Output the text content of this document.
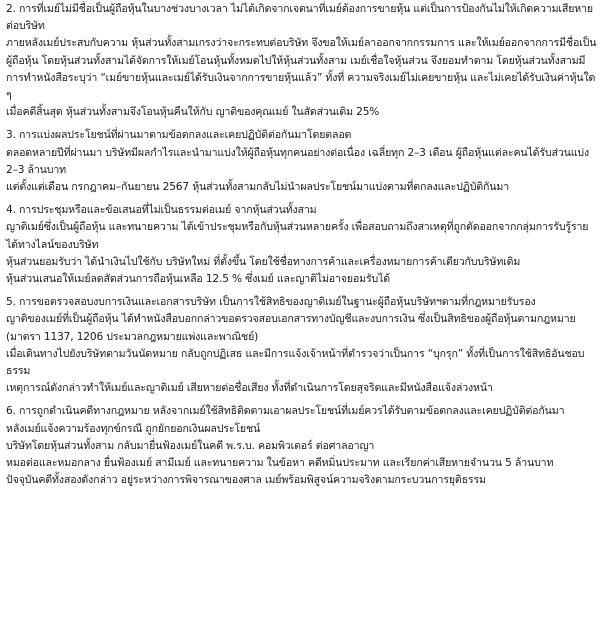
2. การที่เมย์ไม่มีชื่อเป็นผู้ถือหุ้นในบางช่วงบางเวลา ไม่ได้เกิดจากเจตนาที่เมย์ต้องการขายหุ้น แต่เป็นการป้องกันไม่ให้เกิดความเสียหายต่อบริษัท

ภายหลังเมย์ประสบกับความ หุ้นส่วนทั้งสามเกรงว่าจะกระทบต่อบริษัท จึงขอให้เมย์ลาออกจากกรรมการ และให้เมย์ออกจากการมีชื่อเป็นผู้ถือหุ้น โดยหุ้นส่วนทั้งสามได้จัดการให้เมย์โอนหุ้นทั้งหมดไปให้หุ้นส่วนทั้งสาม เมย์เชื่อใจหุ้นส่วน จึงยอมทำตาม โดยหุ้นส่วนทั้งสามมีการทำหนังสือระบุว่า “เมย์ขายหุ้นและเมย์ได้รับเงินจากการขายหุ้นแล้ว” ทั้งที่ ความจริงเมย์ไม่เคยขายหุ้น และไม่เคยได้รับเงินค่าหุ้นใด ๆ

เมื่อคดีสิ้นสุด หุ้นส่วนทั้งสามจึงโอนหุ้นคืนให้กับ ญาติของคุณเมย์ ในสัดส่วนเดิม 25%

3. การแบ่งผลประโยชน์ที่ผ่านมาตามข้อตกลงและเคยปฏิบัติต่อกันมาโดยตลอด

ตลอดหลายปีที่ผ่านมา บริษัทมีผลกำไรและนำมาแบ่งให้ผู้ถือหุ้นทุกคนอย่างต่อเนื่อง เฉลี่ยทุก 2–3 เดือน ผู้ถือหุ้นแต่ละคนได้รับส่วนแบ่ง 2–3 ล้านบาท

แต่ตั้งแต่เดือน กรกฎาคม–กันยายน 2567 หุ้นส่วนทั้งสามกลับไม่นำผลประโยชน์มาแบ่งตามที่ตกลงและปฏิบัติกันมา

4. การประชุมหรือและข้อเสนอที่ไม่เป็นธรรมต่อเมย์ จากหุ้นส่วนทั้งสาม

ญาติเมย์ซึ่งเป็นผู้ถือหุ้น และทนายความ ได้เข้าประชุมหรือกับหุ้นส่วนหลายครั้ง เพื่อสอบถามถึงสาเหตุที่ถูกตัดออกจากกลุ่มการรับรู้รายได้ทางไลน์ของบริษัท

หุ้นส่วนยอมรับว่า ได้นำเงินไปใช้กับ บริษัทใหม่ ที่ตั้งขึ้น โดยใช้ชื่อทางการค้าและเครื่องหมายการค้าเดียวกับบริษัทเดิม

หุ้นส่วนเสนอให้เมย์ลดสัดส่วนการถือหุ้นเหลือ 12.5 % ซึ่งเมย์ และญาติไม่อาจยอมรับได้

5. การขอตรวจสอบงบการเงินและเอกสารบริษัท เป็นการใช้สิทธิของญาติเมย์ในฐานะผู้ถือหุ้นบริษัทฯตามที่กฎหมายรับรอง

ญาติของเมย์ที่เป็นผู้ถือหุ้น ได้ทำหนังสือบอกกล่าวขอตรวจสอบเอกสารทางบัญชีและงบการเงิน ซึ่งเป็นสิทธิของผู้ถือหุ้นตามกฎหมาย (มาตรา 1137, 1206 ประมวลกฎหมายแพ่งและพาณิชย์)

เมื่อเดินทางไปยังบริษัทตามวันนัดหมาย กลับถูกปฏิเสธ และมีการแจ้งเจ้าหน้าที่ตำรวจว่าเป็นการ “บุกรุก” ทั้งที่เป็นการใช้สิทธิอันชอบธรรม

เหตุการณ์ดังกล่าวทำให้เมย์และญาติเมย์ เสียหายต่อชื่อเสียง ทั้งที่ดำเนินการโดยสุจริตและมีหนังสือแจ้งล่วงหน้า

6. การถูกดำเนินคดีทางกฎหมาย หลังจากเมย์ใช้สิทธิติดตามเอาผลประโยชน์ที่เมย์ควรได้รับตามข้อตกลงและเคยปฏิบัติต่อกันมา

หลังเมย์แจ้งความร้องทุกข์กรณี ถูกยักยอกเงินผลประโยชน์

บริษัทโดยหุ้นส่วนทั้งสาม กลับมายื่นฟ้องเมย์ในคดี พ.ร.บ. คอมพิวเตอร์ ต่อศาลอาญา

หมอต่อและหมอกลาง ยื่นฟ้องเมย์ สามีเมย์ และทนายความ ในข้อหา คดีหมิ่นประมาท และเรียกค่าเสียหายจำนวน 5 ล้านบาท

ปัจจุบันคดีทั้งสองดังกล่าว อยู่ระหว่างการพิจารณาของศาล เมย์พร้อมพิสูจน์ความจริงตามกระบวนการยุติธรรม
